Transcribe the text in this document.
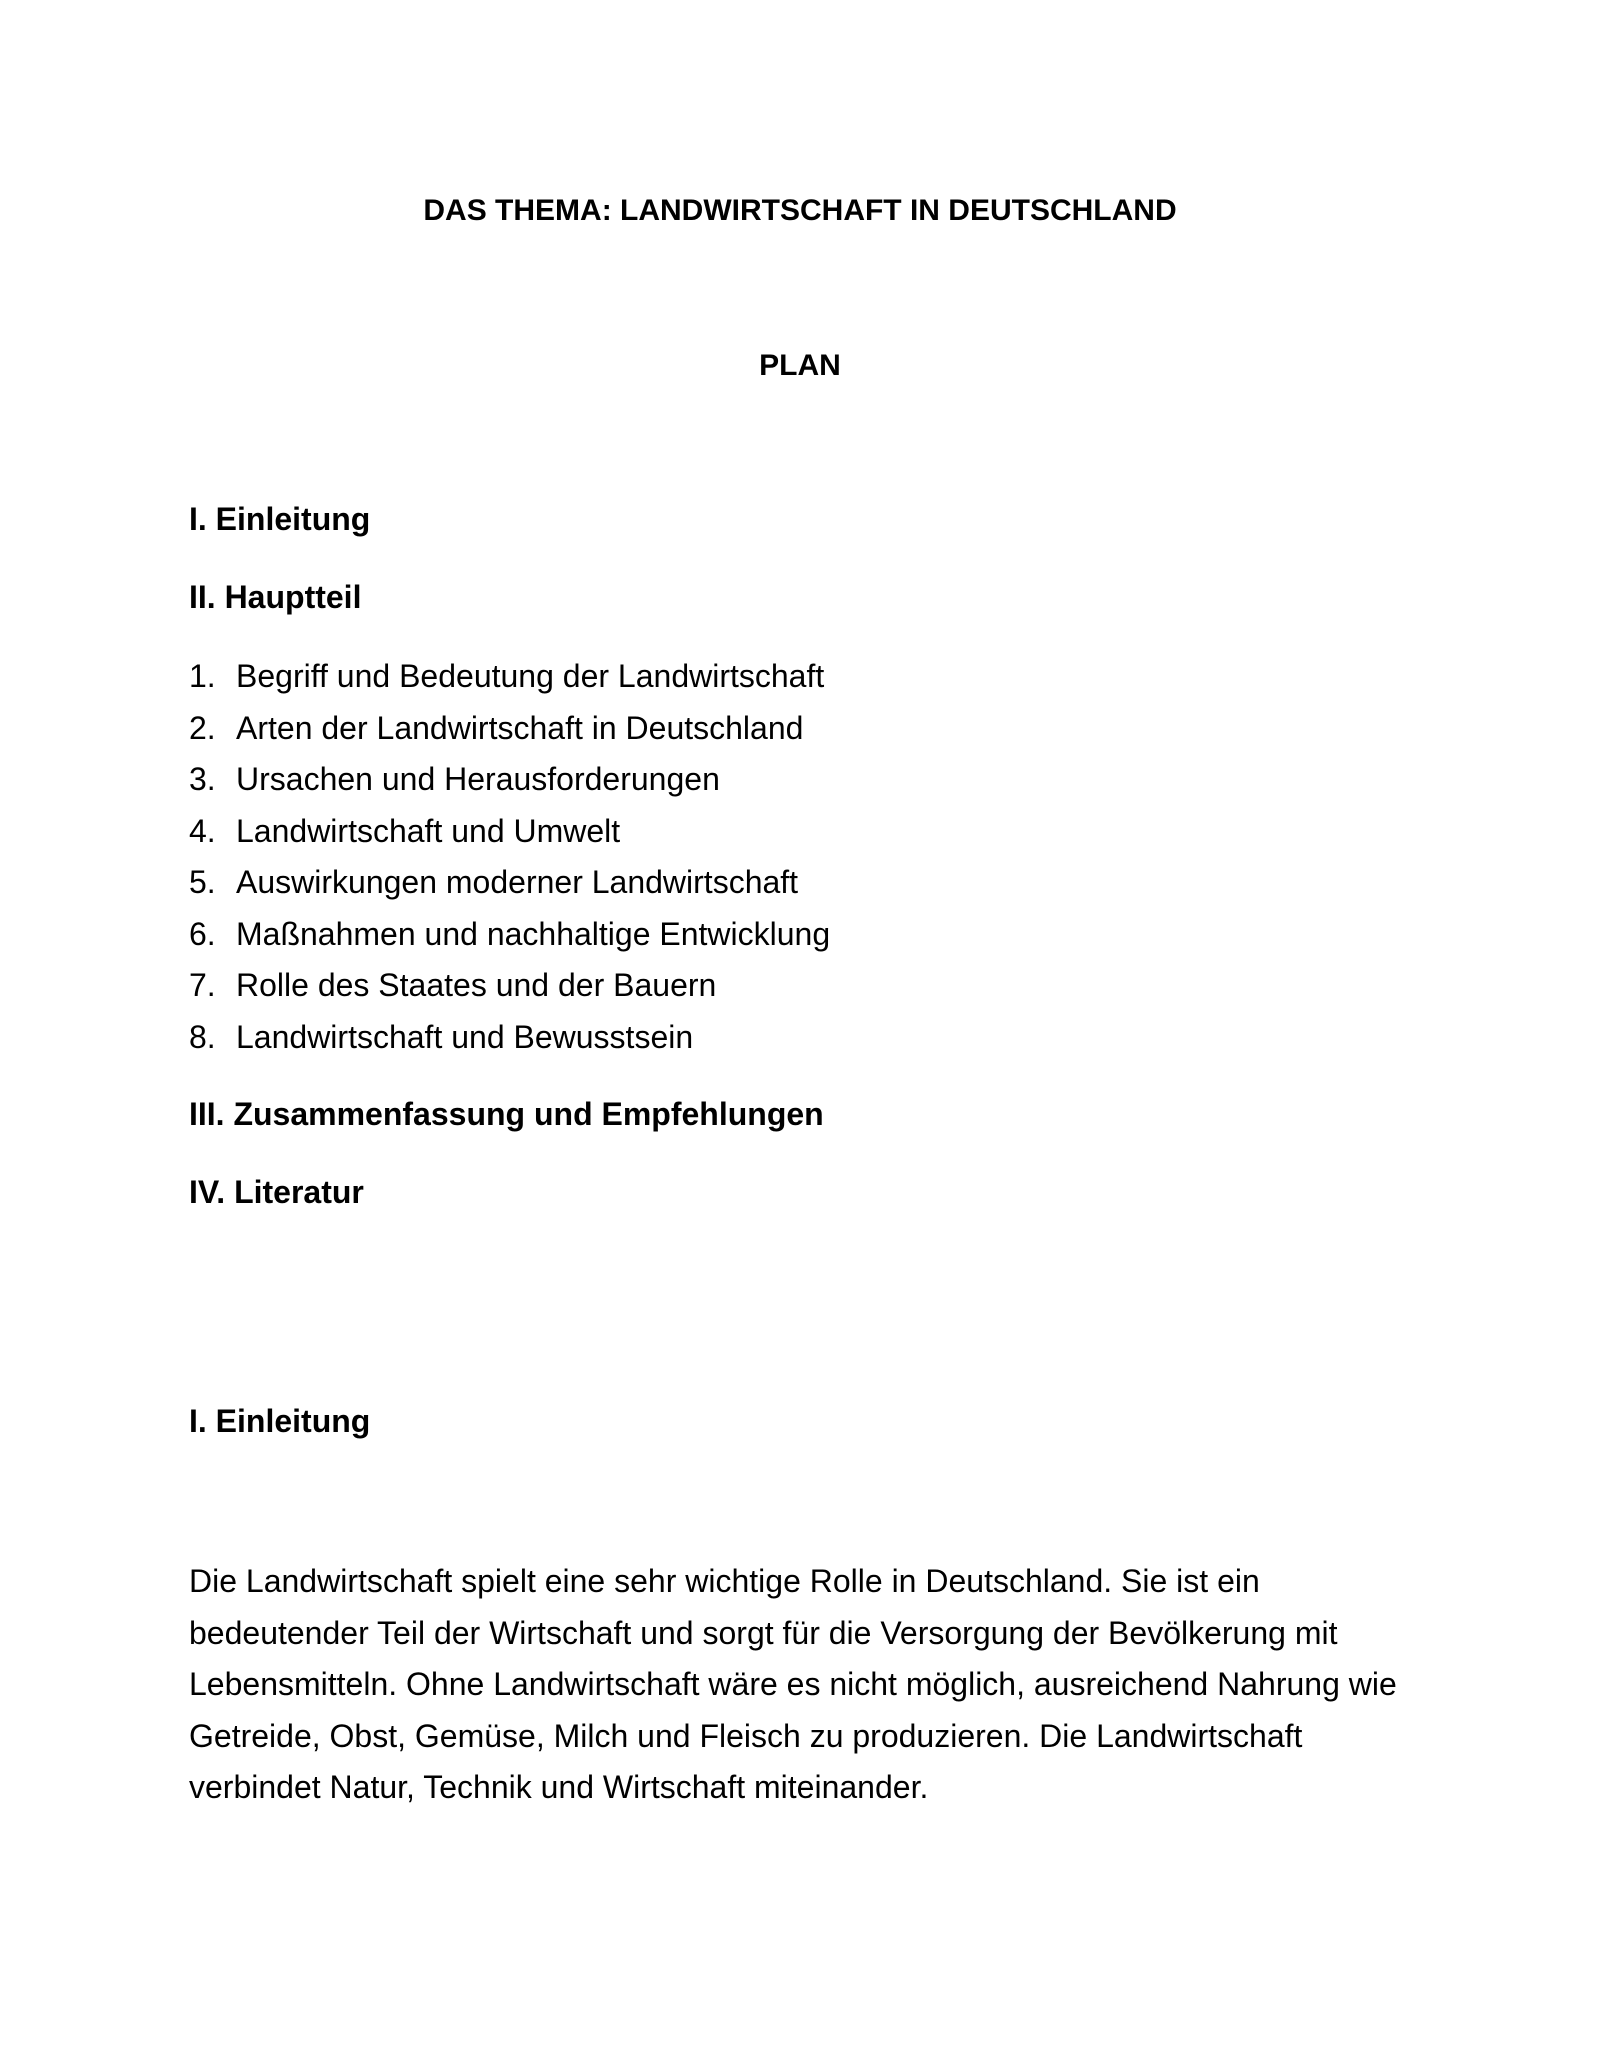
DAS THEMA: LANDWIRTSCHAFT IN DEUTSCHLAND
PLAN
I. Einleitung
II. Hauptteil
1. Begriff und Bedeutung der Landwirtschaft
2. Arten der Landwirtschaft in Deutschland
3. Ursachen und Herausforderungen
4. Landwirtschaft und Umwelt
5. Auswirkungen moderner Landwirtschaft
6. Maßnahmen und nachhaltige Entwicklung
7. Rolle des Staates und der Bauern
8. Landwirtschaft und Bewusstsein
III. Zusammenfassung und Empfehlungen
IV. Literatur
I. Einleitung

Die Landwirtschaft spielt eine sehr wichtige Rolle in Deutschland. Sie ist ein bedeutender Teil der Wirtschaft und sorgt für die Versorgung der Bevölkerung mit Lebensmitteln. Ohne Landwirtschaft wäre es nicht möglich, ausreichend Nahrung wie Getreide, Obst, Gemüse, Milch und Fleisch zu produzieren. Die Landwirtschaft verbindet Natur, Technik und Wirtschaft miteinander.
